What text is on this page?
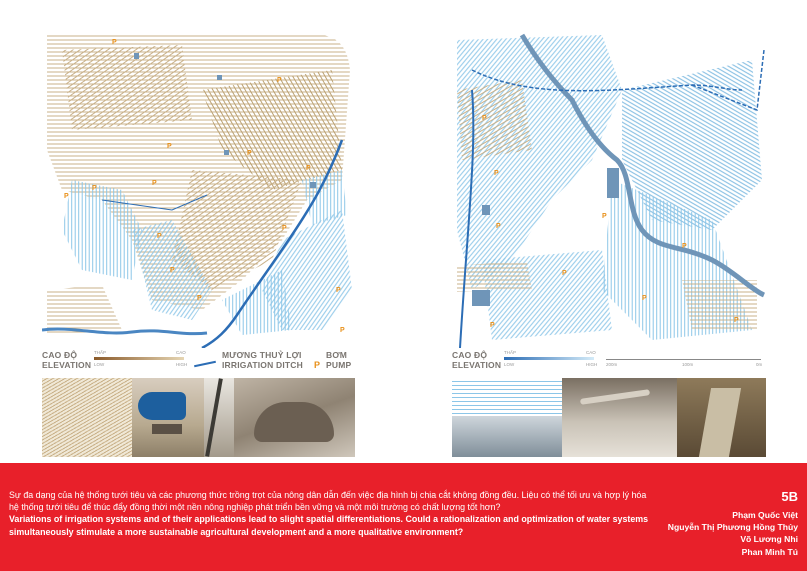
P
P
P
P
P
P
P
P
P
P
P
P
P
P
P
P
P
P
P
P
P
P
P
CAO ĐỘ
ELEVATION
THẤP	CAO
LOW	HIGH
MƯƠNG THUỶ LỢI
IRRIGATION DITCH P
BƠM
PUMP
CAO ĐỘ
ELEVATION
THẤP	CAO
LOW	HIGH 200m	100m	0m

Sự đa dạng của hệ thống tưới tiêu và các phương thức trồng trọt của nông dân dẫn đến việc địa hình bị chia cắt không đồng đều. Liệu có thể tối ưu và hợp lý hóa hệ thống tưới tiêu để thúc đẩy đồng thời một nền nông nghiệp phát triển bền vững và một môi trường có chất lượng tốt hơn?

Variations of irrigation systems and of their applications lead to slight spatial differentiations. Could a rationalization and optimization of water systems simultaneously stimulate a more sustainable agricultural development and a more qualitative environment?

5B
Phạm Quốc Việt
Nguyễn Thị Phương Hồng Thủy
Võ Lương Nhi
Phan Minh Tú
